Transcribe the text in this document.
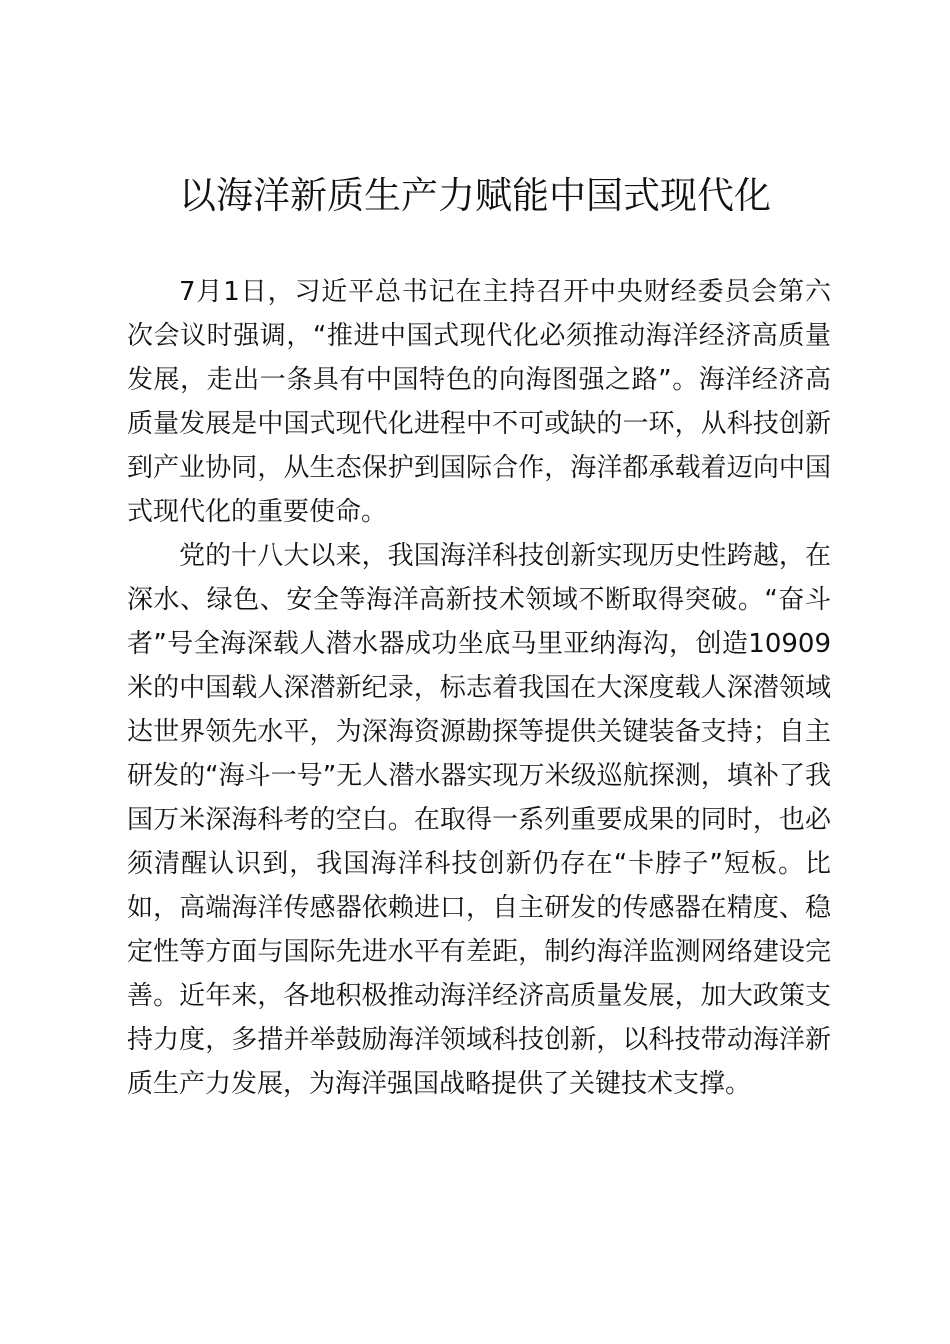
以海洋新质生产力赋能中国式现代化

7月1日，习近平总书记在主持召开中央财经委员会第六次会议时强调，“推进中国式现代化必须推动海洋经济高质量发展，走出一条具有中国特色的向海图强之路”。海洋经济高质量发展是中国式现代化进程中不可或缺的一环，从科技创新到产业协同，从生态保护到国际合作，海洋都承载着迈向中国式现代化的重要使命。

党的十八大以来，我国海洋科技创新实现历史性跨越，在深水、绿色、安全等海洋高新技术领域不断取得突破。“奋斗者”号全海深载人潜水器成功坐底马里亚纳海沟，创造10909米的中国载人深潜新纪录，标志着我国在大深度载人深潜领域达世界领先水平，为深海资源勘探等提供关键装备支持；自主研发的“海斗一号”无人潜水器实现万米级巡航探测，填补了我国万米深海科考的空白。在取得一系列重要成果的同时，也必须清醒认识到，我国海洋科技创新仍存在“卡脖子”短板。比如，高端海洋传感器依赖进口，自主研发的传感器在精度、稳定性等方面与国际先进水平有差距，制约海洋监测网络建设完善。近年来，各地积极推动海洋经济高质量发展，加大政策支持力度，多措并举鼓励海洋领域科技创新，以科技带动海洋新质生产力发展，为海洋强国战略提供了关键技术支撑。
